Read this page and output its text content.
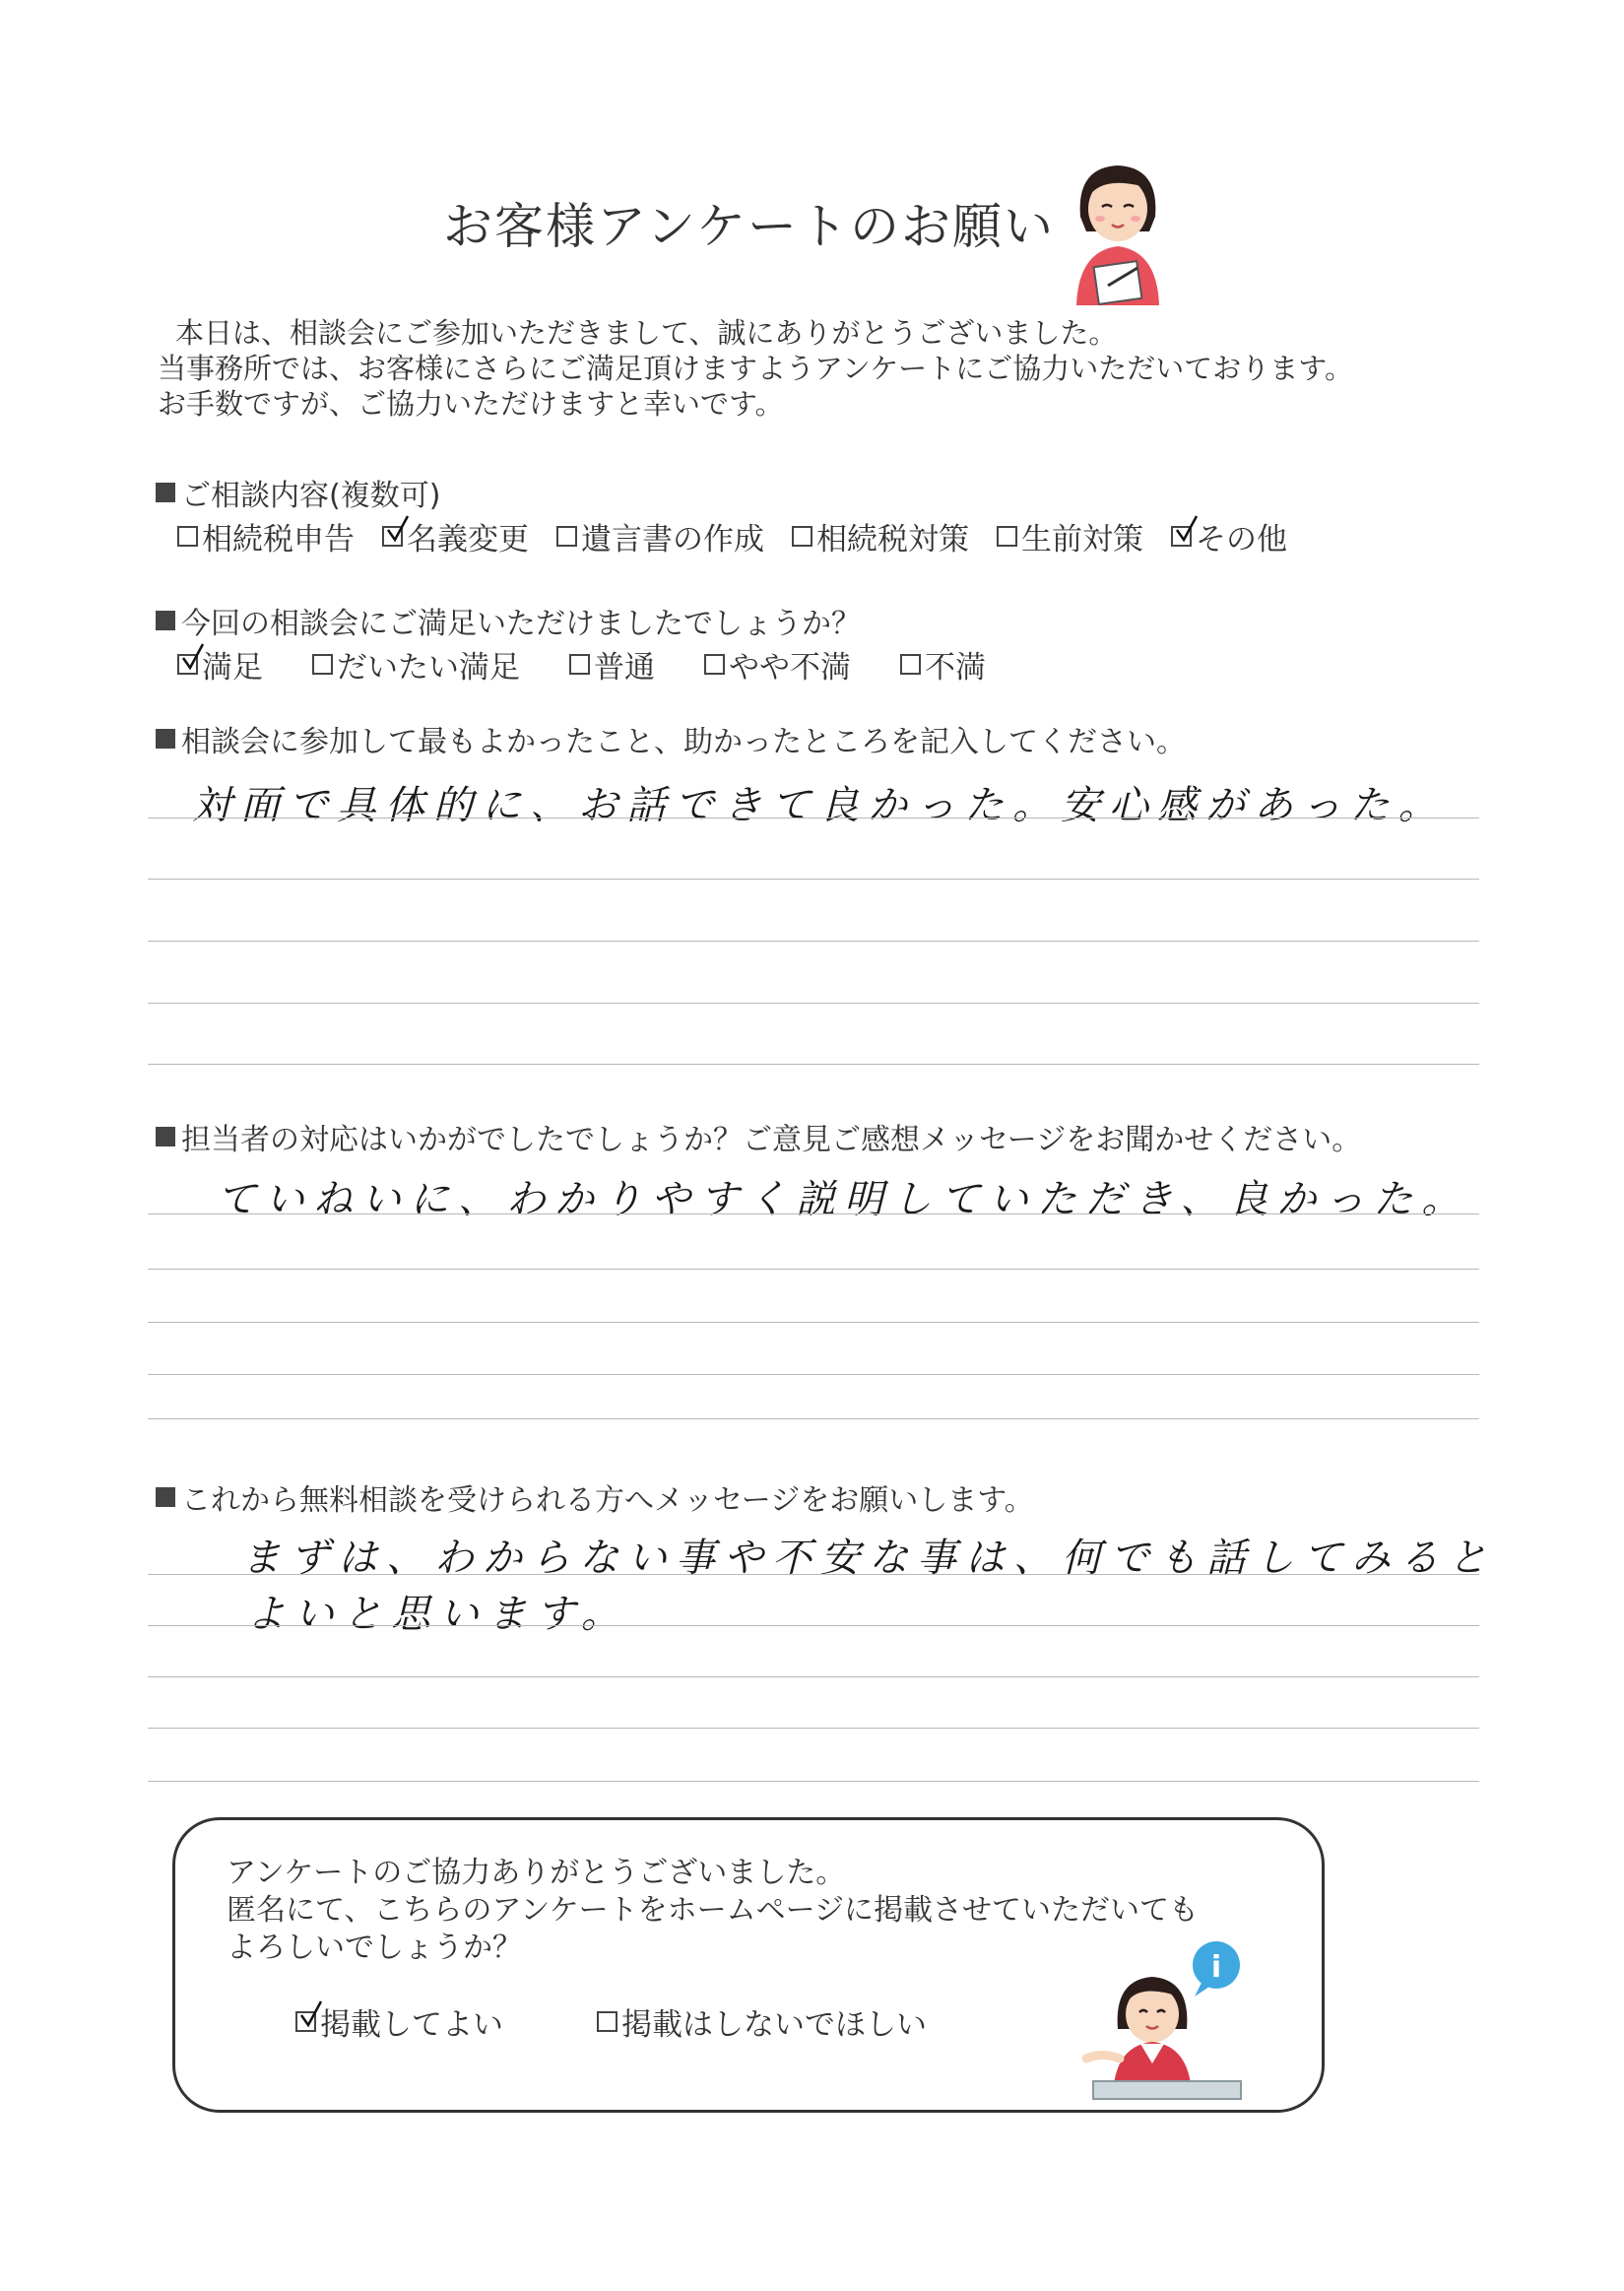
お客様アンケートのお願い
本日は、相談会にご参加いただきまして、誠にありがとうございました。
当事務所では、お客様にさらにご満足頂けますようアンケートにご協力いただいております。
お手数ですが、ご協力いただけますと幸いです。
ご相談内容(複数可)
相続税申告 名義変更 遺言書の作成 相続税対策 生前対策 その他
今回の相談会にご満足いただけましたでしょうか？
満足 だいたい満足 普通 やや不満 不満
相談会に参加して最もよかったこと、助かったところを記入してください。
対面で具体的に、お話できて良かった。安心感があった。
担当者の対応はいかがでしたでしょうか？ご意見ご感想メッセージをお聞かせください。
ていねいに、わかりやすく説明していただき、良かった。
これから無料相談を受けられる方へメッセージをお願いします。
まずは、わからない事や不安な事は、何でも話してみると
よいと思います。
アンケートのご協力ありがとうございました。
匿名にて、こちらのアンケートをホームページに掲載させていただいても
よろしいでしょうか？
掲載してよい	掲載はしないでほしい
i
